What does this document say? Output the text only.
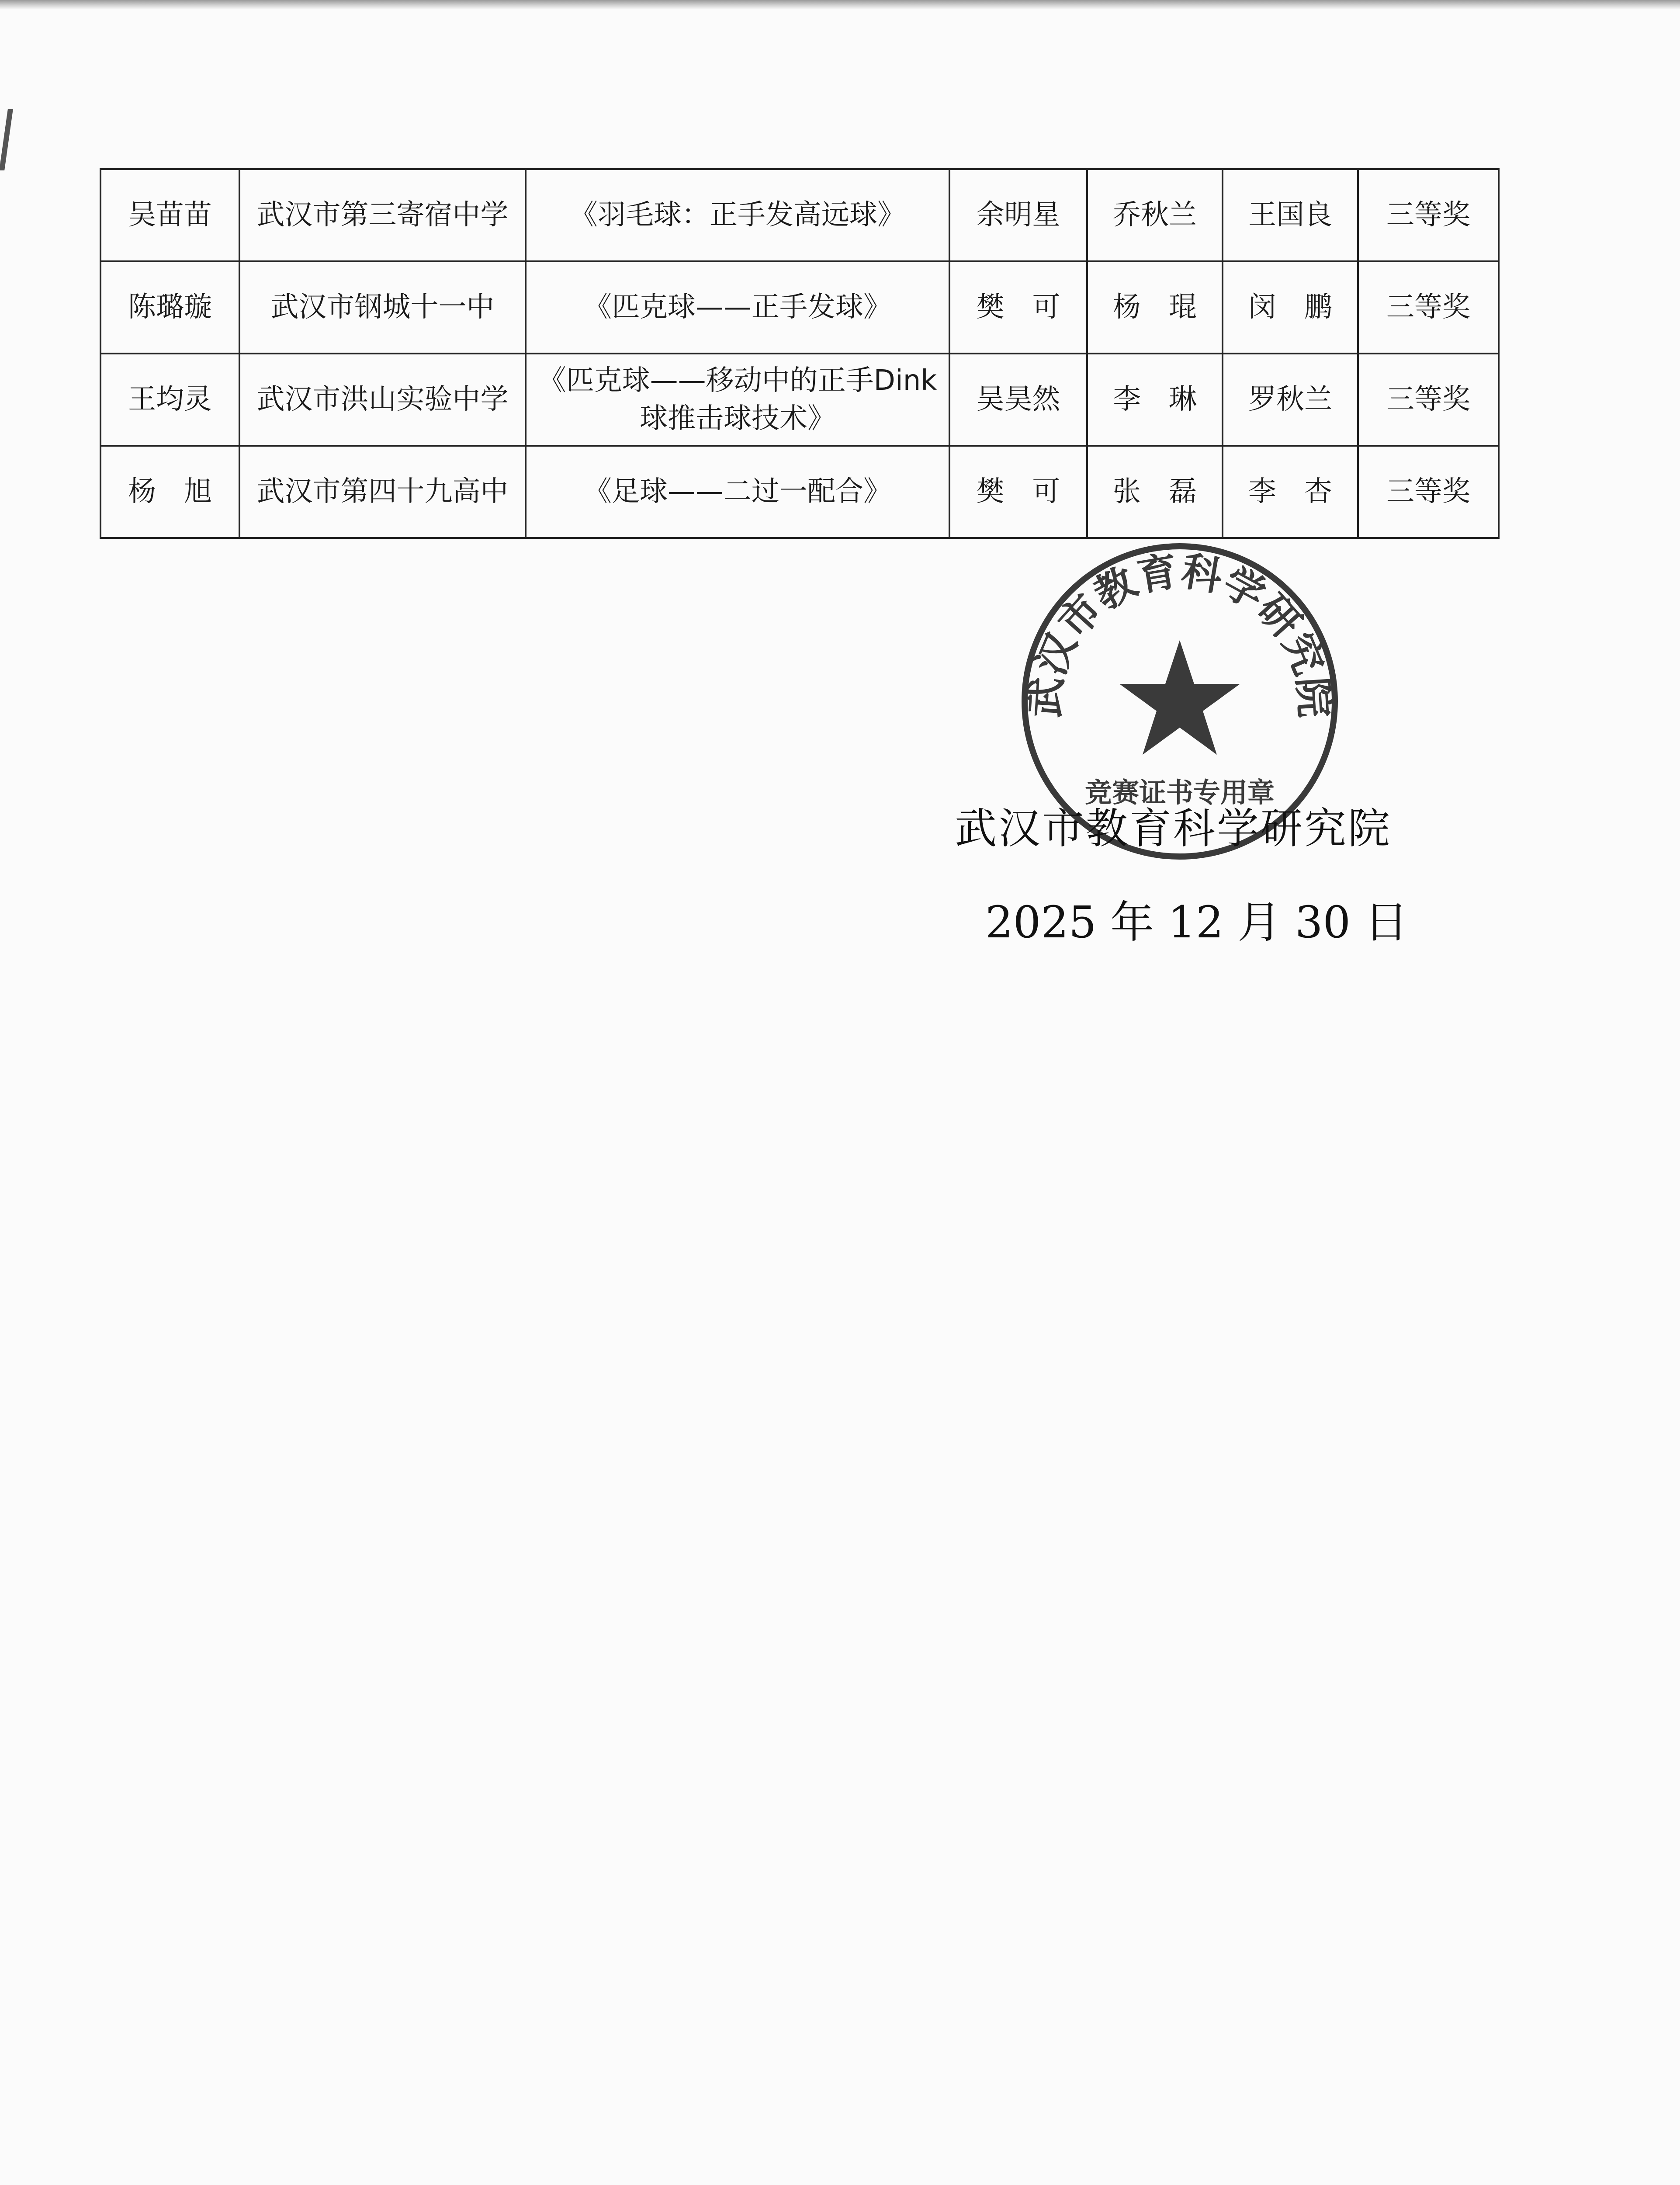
吴苗苗	武汉市第三寄宿中学	《羽毛球：正手发高远球》	余明星	乔秋兰	王国良	三等奖
陈璐璇	武汉市钢城十一中	《匹克球——正手发球》	樊　可	杨　琨	闵　鹏	三等奖
王均灵	武汉市洪山实验中学	《匹克球——移动中的正手Dink球推击球技术》	吴昊然	李　琳	罗秋兰	三等奖
杨　旭	武汉市第四十九高中	《足球——二过一配合》	樊　可	张　磊	李　杏	三等奖
武汉市教育科学研究院
竞赛证书专用章
武汉市教育科学研究院
2025 年 12 月 30 日
